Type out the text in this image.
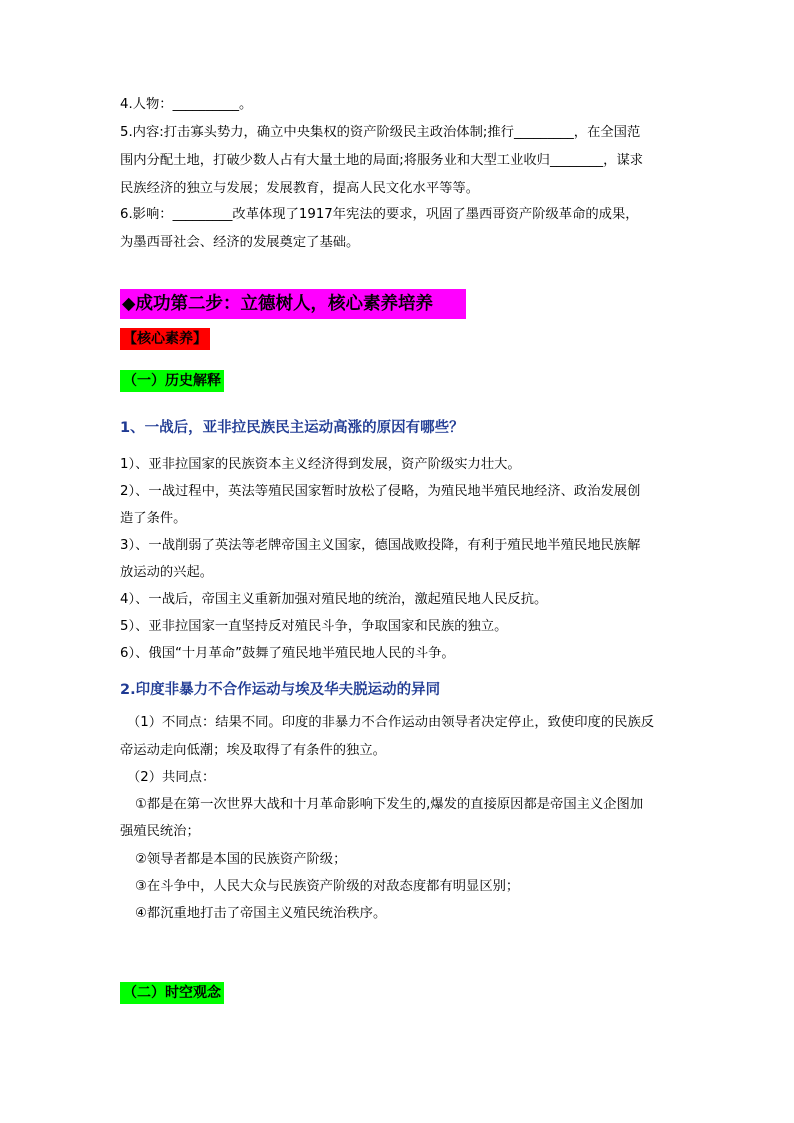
4.人物：__________。
5.内容:打击寡头势力，确立中央集权的资产阶级民主政治体制;推行_________，在全国范
围内分配土地，打破少数人占有大量土地的局面;将服务业和大型工业收归________，谋求
民族经济的独立与发展；发展教育，提高人民文化水平等等。
6.影响：_________改革体现了1917年宪法的要求，巩固了墨西哥资产阶级革命的成果，
为墨西哥社会、经济的发展奠定了基础。
◆成功第二步：立德树人，核心素养培养
【核心素养】
（一）历史解释
1、一战后，亚非拉民族民主运动高涨的原因有哪些？
1）、亚非拉国家的民族资本主义经济得到发展，资产阶级实力壮大。
2）、一战过程中，英法等殖民国家暂时放松了侵略，为殖民地半殖民地经济、政治发展创
造了条件。
3）、一战削弱了英法等老牌帝国主义国家，德国战败投降，有利于殖民地半殖民地民族解
放运动的兴起。
4）、一战后，帝国主义重新加强对殖民地的统治，激起殖民地人民反抗。
5）、亚非拉国家一直坚持反对殖民斗争，争取国家和民族的独立。
6）、俄国“十月革命”鼓舞了殖民地半殖民地人民的斗争。
2.印度非暴力不合作运动与埃及华夫脱运动的异同
（1）不同点：结果不同。印度的非暴力不合作运动由领导者决定停止，致使印度的民族反
帝运动走向低潮；埃及取得了有条件的独立。
（2）共同点：
①都是在第一次世界大战和十月革命影响下发生的,爆发的直接原因都是帝国主义企图加
强殖民统治；
②领导者都是本国的民族资产阶级；
③在斗争中，人民大众与民族资产阶级的对敌态度都有明显区别；
④都沉重地打击了帝国主义殖民统治秩序。
（二）时空观念
